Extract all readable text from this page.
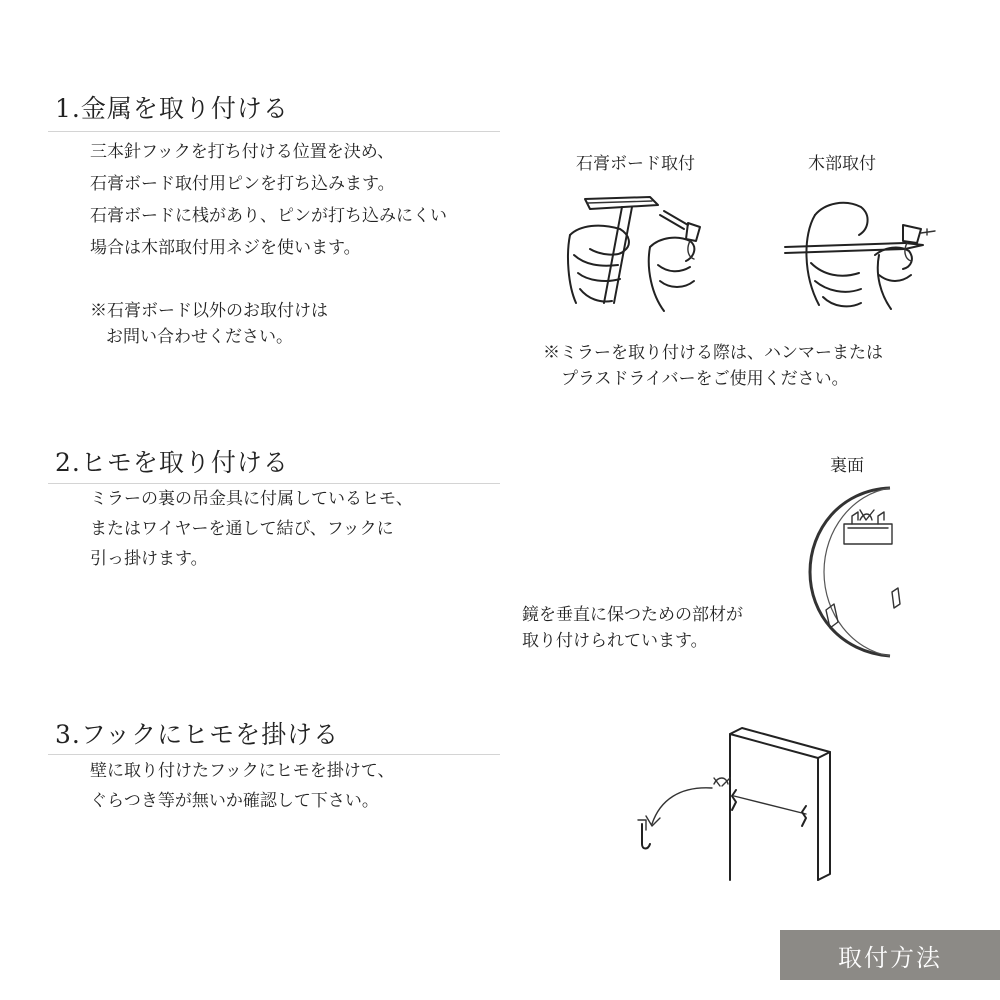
1.金属を取り付ける
三本針フックを打ち付ける位置を決め、
石膏ボード取付用ピンを打ち込みます。
石膏ボードに桟があり、ピンが打ち込みにくい
場合は木部取付用ネジを使います。
※石膏ボード以外のお取付けは
お問い合わせください。
石膏ボード取付	木部取付
※ミラーを取り付ける際は、ハンマーまたは
プラスドライバーをご使用ください。
2.ヒモを取り付ける
ミラーの裏の吊金具に付属しているヒモ、
またはワイヤーを通して結び、フックに
引っ掛けます。
裏面
鏡を垂直に保つための部材が
取り付けられています。
3.フックにヒモを掛ける
壁に取り付けたフックにヒモを掛けて、
ぐらつき等が無いか確認して下さい。
取付方法
